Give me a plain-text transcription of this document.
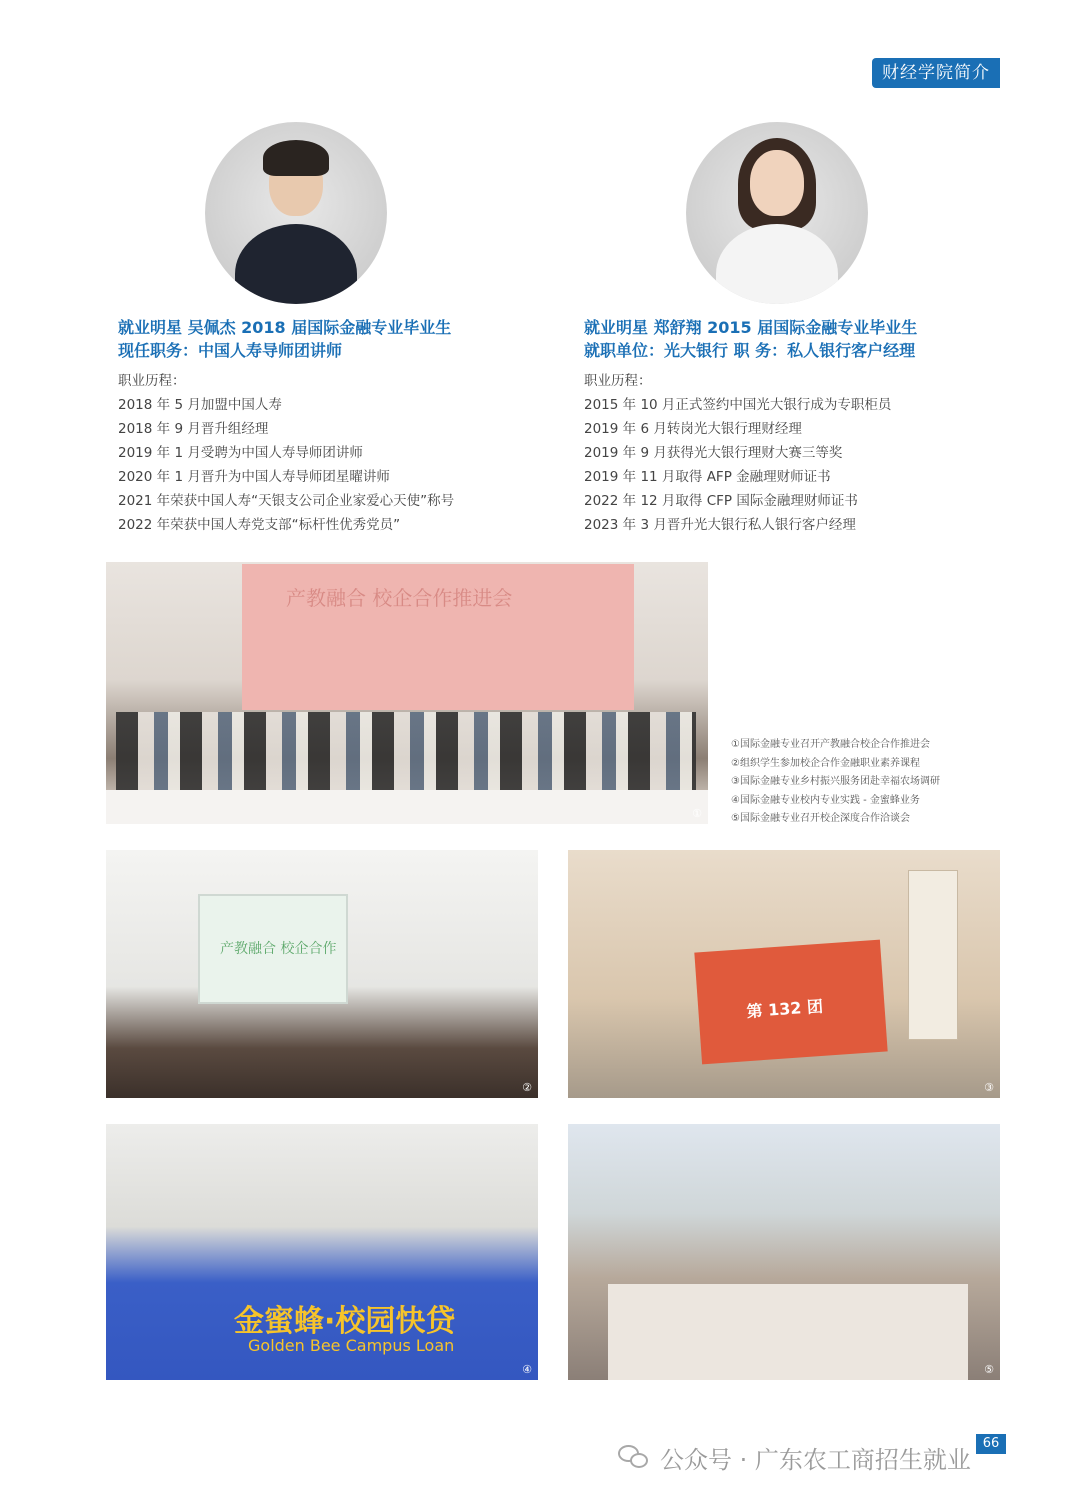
财经学院简介
就业明星 吴佩杰 2018 届国际金融专业毕业生
现任职务：中国人寿导师团讲师
职业历程：
2018 年 5 月加盟中国人寿
2018 年 9 月晋升组经理
2019 年 1 月受聘为中国人寿导师团讲师
2020 年 1 月晋升为中国人寿导师团星曜讲师
2021 年荣获中国人寿“天银支公司企业家爱心天使”称号
2022 年荣获中国人寿党支部“标杆性优秀党员”
就业明星 郑舒翔 2015 届国际金融专业毕业生
就职单位：光大银行 职 务：私人银行客户经理
职业历程：
2015 年 10 月正式签约中国光大银行成为专职柜员
2019 年 6 月转岗光大银行理财经理
2019 年 9 月获得光大银行理财大赛三等奖
2019 年 11 月取得 AFP 金融理财师证书
2022 年 12 月取得 CFP 国际金融理财师证书
2023 年 3 月晋升光大银行私人银行客户经理
产教融合 校企合作推进会
①
①国际金融专业召开产教融合校企合作推进会
②组织学生参加校企合作金融职业素养课程
③国际金融专业乡村振兴服务团赴幸福农场调研
④国际金融专业校内专业实践 - 金蜜蜂业务
⑤国际金融专业召开校企深度合作洽谈会
产教融合 校企合作
②
第 132 团
③
金蜜蜂·校园快贷
Golden Bee Campus Loan
④	⑤
66
公众号 · 广东农工商招生就业
